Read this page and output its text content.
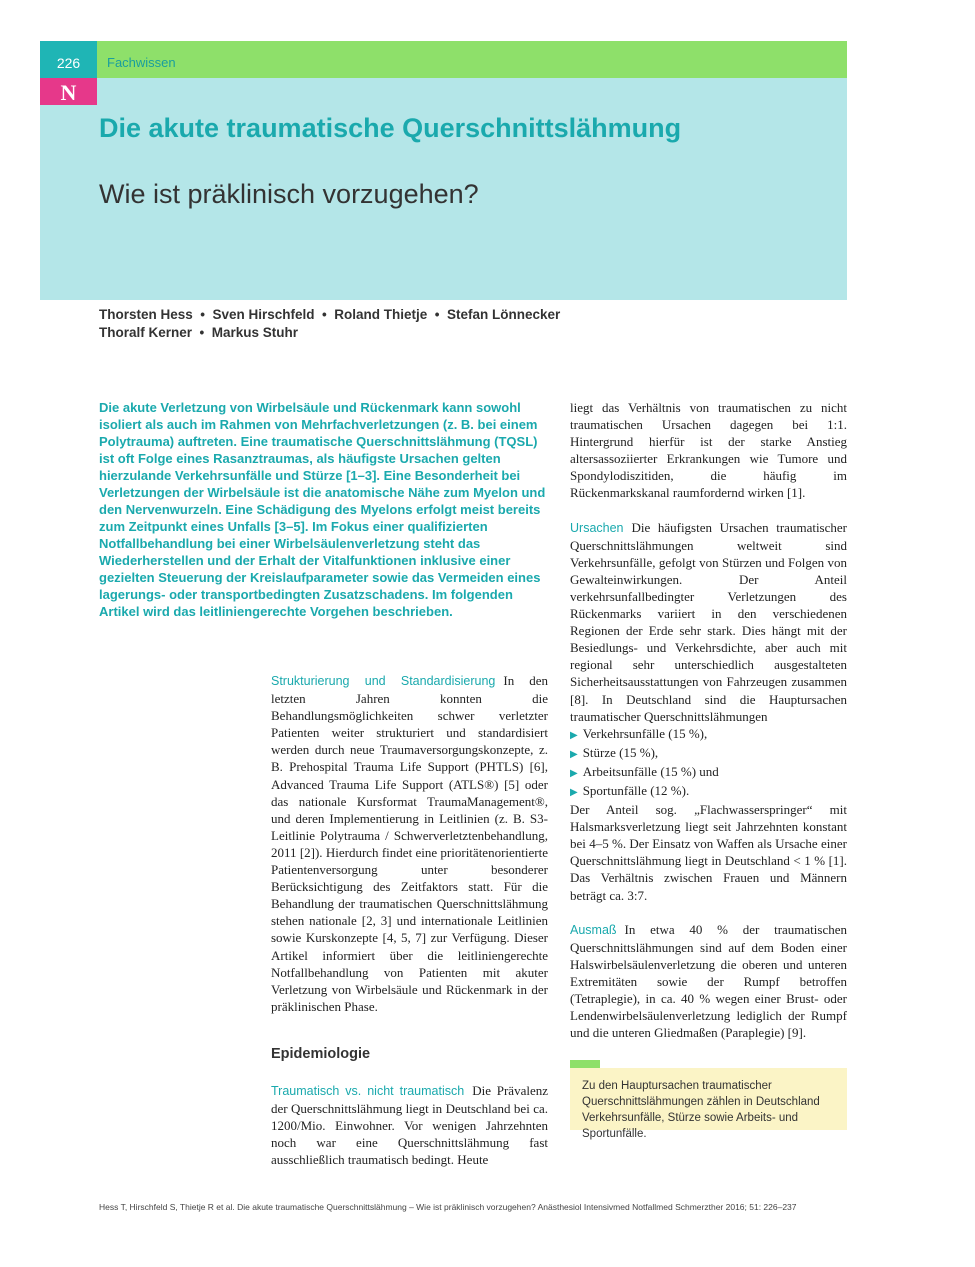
Die akute traumatische Querschnittslähmung
Wie ist präklinisch vorzugehen?
226	Fachwissen
N
Thorsten Hess  •  Sven Hirschfeld  •  Roland Thietje  •  Stefan Lönnecker
Thoralf Kerner  •  Markus Stuhr
Die akute Verletzung von Wirbelsäule und Rückenmark kann sowohl isoliert als auch im Rahmen von Mehrfachverletzungen (z. B. bei einem Polytrauma) auftreten. Eine traumatische Querschnittslähmung (TQSL) ist oft Folge eines Rasanztraumas, als häufigste Ursachen gelten hierzulande Verkehrsunfälle und Stürze [1–3]. Eine Besonderheit bei Verletzungen der Wirbelsäule ist die anatomische Nähe zum Myelon und den Nervenwurzeln. Eine Schädigung des Myelons erfolgt meist bereits zum Zeitpunkt eines Unfalls [3–5]. Im Fokus einer qualifizierten Notfallbehandlung bei einer Wirbelsäulenverletzung steht das Wiederherstellen und der Erhalt der Vitalfunktionen inklusive einer gezielten Steuerung der Kreislaufparameter sowie das Vermeiden eines lagerungs- oder transportbedingten Zusatzschadens. Im folgenden Artikel wird das leitliniengerechte Vorgehen beschrieben.

Strukturierung und Standardisierung In den letzten Jahren konnten die Behandlungsmöglichkeiten schwer verletzter Patienten weiter strukturiert und standardisiert werden durch neue Traumaversorgungskonzepte, z. B. Prehospital Trauma Life Support (PHTLS) [6], Advanced Trauma Life Support (ATLS®) [5] oder das nationale Kursformat TraumaManagement®, und deren Implementierung in Leitlinien (z. B. S3-Leitlinie Polytrauma / Schwerverletztenbehandlung, 2011 [2]). Hierdurch findet eine prioritätenorientierte Patientenversorgung unter besonderer Berücksichtigung des Zeitfaktors statt. Für die Behandlung der traumatischen Querschnittslähmung stehen nationale [2, 3] und internationale Leitlinien sowie Kurskonzepte [4, 5, 7] zur Verfügung. Dieser Artikel informiert über die leitliniengerechte Notfallbehandlung von Patienten mit akuter Verletzung von Wirbelsäule und Rückenmark in der präklinischen Phase.

Epidemiologie

Traumatisch vs. nicht traumatisch Die Prävalenz der Querschnittslähmung liegt in Deutschland bei ca. 1200/Mio. Einwohner. Vor wenigen Jahrzehnten noch war eine Querschnittslähmung fast ausschließlich traumatisch bedingt. Heute

liegt das Verhältnis von traumatischen zu nicht traumatischen Ursachen dagegen bei 1:1. Hintergrund hierfür ist der starke Anstieg altersassoziierter Erkrankungen wie Tumore und Spondylodiszitiden, die häufig im Rückenmarkskanal raumfordernd wirken [1].

Ursachen Die häufigsten Ursachen traumatischer Querschnittslähmungen weltweit sind Verkehrsunfälle, gefolgt von Stürzen und Folgen von Gewalteinwirkungen. Der Anteil verkehrsunfallbedingter Verletzungen des Rückenmarks variiert in den verschiedenen Regionen der Erde sehr stark. Dies hängt mit der Besiedlungs- und Verkehrsdichte, aber auch mit regional sehr unterschiedlich ausgestalteten Sicherheitsausstattungen von Fahrzeugen zusammen [8]. In Deutschland sind die Hauptursachen traumatischer Querschnittslähmungen

▶ Verkehrsunfälle (15 %),
▶ Stürze (15 %),
▶ Arbeitsunfälle (15 %) und
▶ Sportunfälle (12 %).

Der Anteil sog. „Flachwasserspringer“ mit Halsmarksverletzung liegt seit Jahrzehnten konstant bei 4–5 %. Der Einsatz von Waffen als Ursache einer Querschnittslähmung liegt in Deutschland < 1 % [1]. Das Verhältnis zwischen Frauen und Männern beträgt ca. 3:7.

Ausmaß In etwa 40 % der traumatischen Querschnittslähmungen sind auf dem Boden einer Halswirbelsäulenverletzung die oberen und unteren Extremitäten sowie der Rumpf betroffen (Tetraplegie), in ca. 40 % wegen einer Brust- oder Lendenwirbelsäulenverletzung lediglich der Rumpf und die unteren Gliedmaßen (Paraplegie) [9].

Zu den Hauptursachen traumatischer Querschnittslähmungen zählen in Deutschland Verkehrsunfälle, Stürze sowie Arbeits- und Sportunfälle.
Hess T, Hirschfeld S, Thietje R et al. Die akute traumatische Querschnittslähmung – Wie ist präklinisch vorzugehen? Anästhesiol Intensivmed Notfallmed Schmerzther 2016; 51: 226–237
